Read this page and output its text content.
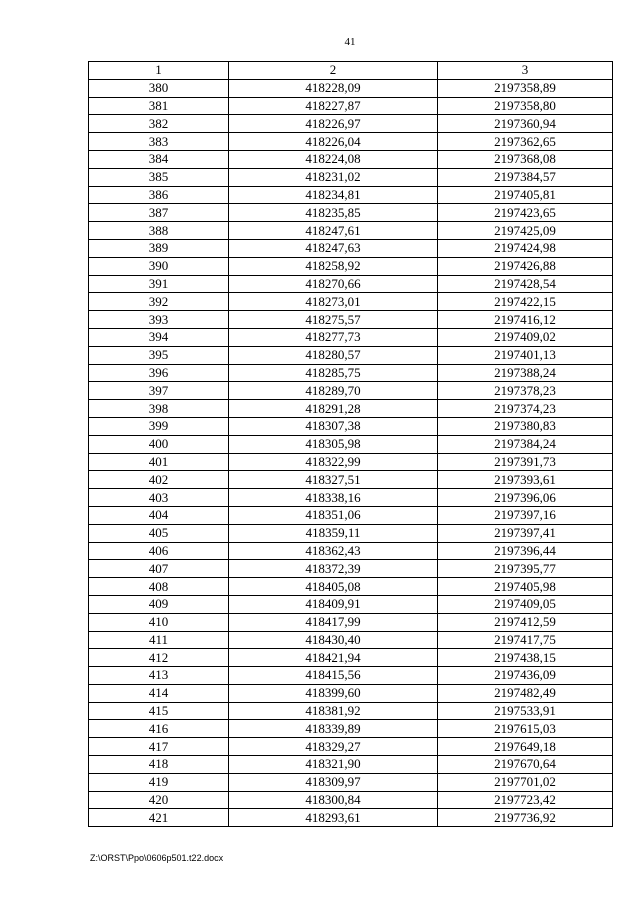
41
1	2	3
380	418228,09	2197358,89
381	418227,87	2197358,80
382	418226,97	2197360,94
383	418226,04	2197362,65
384	418224,08	2197368,08
385	418231,02	2197384,57
386	418234,81	2197405,81
387	418235,85	2197423,65
388	418247,61	2197425,09
389	418247,63	2197424,98
390	418258,92	2197426,88
391	418270,66	2197428,54
392	418273,01	2197422,15
393	418275,57	2197416,12
394	418277,73	2197409,02
395	418280,57	2197401,13
396	418285,75	2197388,24
397	418289,70	2197378,23
398	418291,28	2197374,23
399	418307,38	2197380,83
400	418305,98	2197384,24
401	418322,99	2197391,73
402	418327,51	2197393,61
403	418338,16	2197396,06
404	418351,06	2197397,16
405	418359,11	2197397,41
406	418362,43	2197396,44
407	418372,39	2197395,77
408	418405,08	2197405,98
409	418409,91	2197409,05
410	418417,99	2197412,59
411	418430,40	2197417,75
412	418421,94	2197438,15
413	418415,56	2197436,09
414	418399,60	2197482,49
415	418381,92	2197533,91
416	418339,89	2197615,03
417	418329,27	2197649,18
418	418321,90	2197670,64
419	418309,97	2197701,02
420	418300,84	2197723,42
421	418293,61	2197736,92
Z:\ORST\Ppo\0606p501.t22.docx
